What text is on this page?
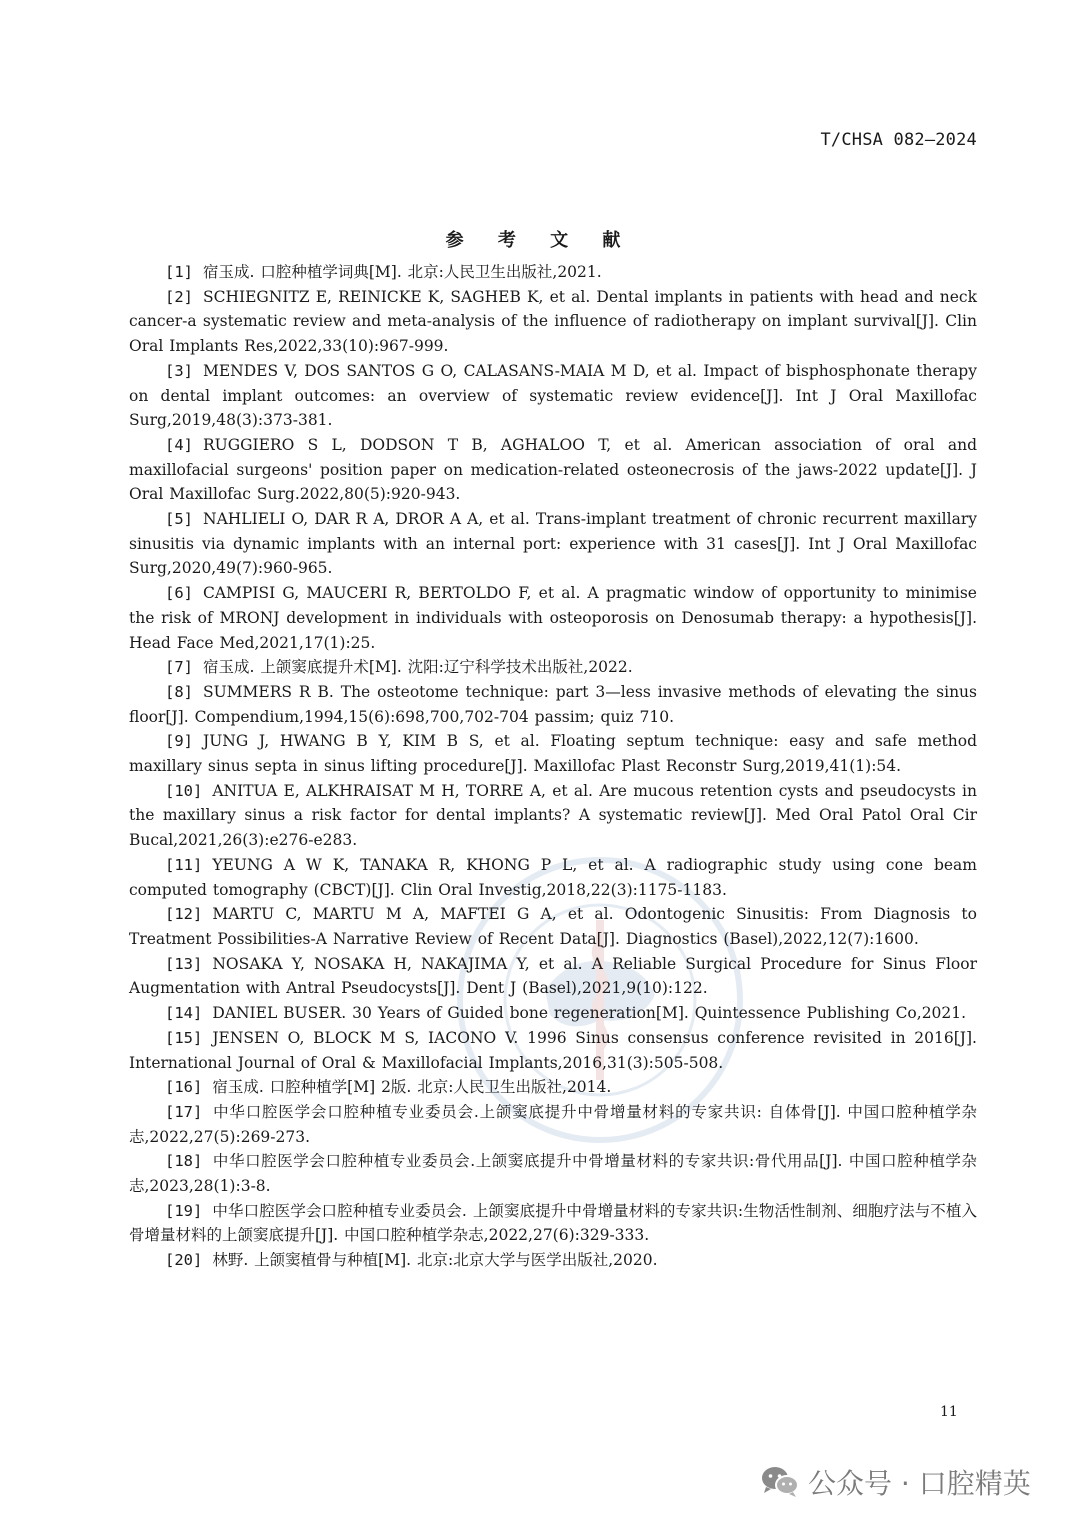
T/CHSA 082—2024
参 考 文 献

[1] 宿玉成. 口腔种植学词典[M]. 北京:人民卫生出版社,2021.

[2] SCHIEGNITZ E, REINICKE K, SAGHEB K, et al. Dental implants in patients with head and neck cancer-a systematic review and meta-analysis of the influence of radiotherapy on implant survival[J]. Clin Oral Implants Res,2022,33(10):967-999.

[3] MENDES V, DOS SANTOS G O, CALASANS-MAIA M D, et al. Impact of bisphosphonate therapy on dental implant outcomes: an overview of systematic review evidence[J]. Int J Oral Maxillofac Surg,2019,48(3):373-381.

[4] RUGGIERO S L, DODSON T B, AGHALOO T, et al. American association of oral and maxillofacial surgeons' position paper on medication-related osteonecrosis of the jaws-2022 update[J]. J Oral Maxillofac Surg.2022,80(5):920-943.

[5] NAHLIELI O, DAR R A, DROR A A, et al. Trans-implant treatment of chronic recurrent maxillary sinusitis via dynamic implants with an internal port: experience with 31 cases[J]. Int J Oral Maxillofac Surg,2020,49(7):960-965.

[6] CAMPISI G, MAUCERI R, BERTOLDO F, et al. A pragmatic window of opportunity to minimise the risk of MRONJ development in individuals with osteoporosis on Denosumab therapy: a hypothesis[J]. Head Face Med,2021,17(1):25.

[7] 宿玉成. 上颌窦底提升术[M]. 沈阳:辽宁科学技术出版社,2022.

[8] SUMMERS R B. The osteotome technique: part 3—less invasive methods of elevating the sinus floor[J]. Compendium,1994,15(6):698,700,702-704 passim; quiz 710.

[9] JUNG J, HWANG B Y, KIM B S, et al. Floating septum technique: easy and safe method maxillary sinus septa in sinus lifting procedure[J]. Maxillofac Plast Reconstr Surg,2019,41(1):54.

[10] ANITUA E, ALKHRAISAT M H, TORRE A, et al. Are mucous retention cysts and pseudocysts in the maxillary sinus a risk factor for dental implants? A systematic review[J]. Med Oral Patol Oral Cir Bucal,2021,26(3):e276-e283.

[11] YEUNG A W K, TANAKA R, KHONG P L, et al. A radiographic study using cone beam computed tomography (CBCT)[J]. Clin Oral Investig,2018,22(3):1175-1183.

[12] MARTU C, MARTU M A, MAFTEI G A, et al. Odontogenic Sinusitis: From Diagnosis to Treatment Possibilities-A Narrative Review of Recent Data[J]. Diagnostics (Basel),2022,12(7):1600.

[13] NOSAKA Y, NOSAKA H, NAKAJIMA Y, et al. A Reliable Surgical Procedure for Sinus Floor Augmentation with Antral Pseudocysts[J]. Dent J (Basel),2021,9(10):122.

[14] DANIEL BUSER. 30 Years of Guided bone regeneration[M]. Quintessence Publishing Co,2021.

[15] JENSEN O, BLOCK M S, IACONO V. 1996 Sinus consensus conference revisited in 2016[J]. International Journal of Oral & Maxillofacial Implants,2016,31(3):505-508.

[16] 宿玉成. 口腔种植学[M] 2版. 北京:人民卫生出版社,2014.

[17] 中华口腔医学会口腔种植专业委员会.上颌窦底提升中骨增量材料的专家共识: 自体骨[J]. 中国口腔种植学杂志,2022,27(5):269-273.

[18] 中华口腔医学会口腔种植专业委员会.上颌窦底提升中骨增量材料的专家共识:骨代用品[J]. 中国口腔种植学杂志,2023,28(1):3-8.

[19] 中华口腔医学会口腔种植专业委员会. 上颌窦底提升中骨增量材料的专家共识:生物活性制剂、细胞疗法与不植入骨增量材料的上颌窦底提升[J]. 中国口腔种植学杂志,2022,27(6):329-333.

[20] 林野. 上颌窦植骨与种植[M]. 北京:北京大学与医学出版社,2020.

11
公众号 · 口腔精英
